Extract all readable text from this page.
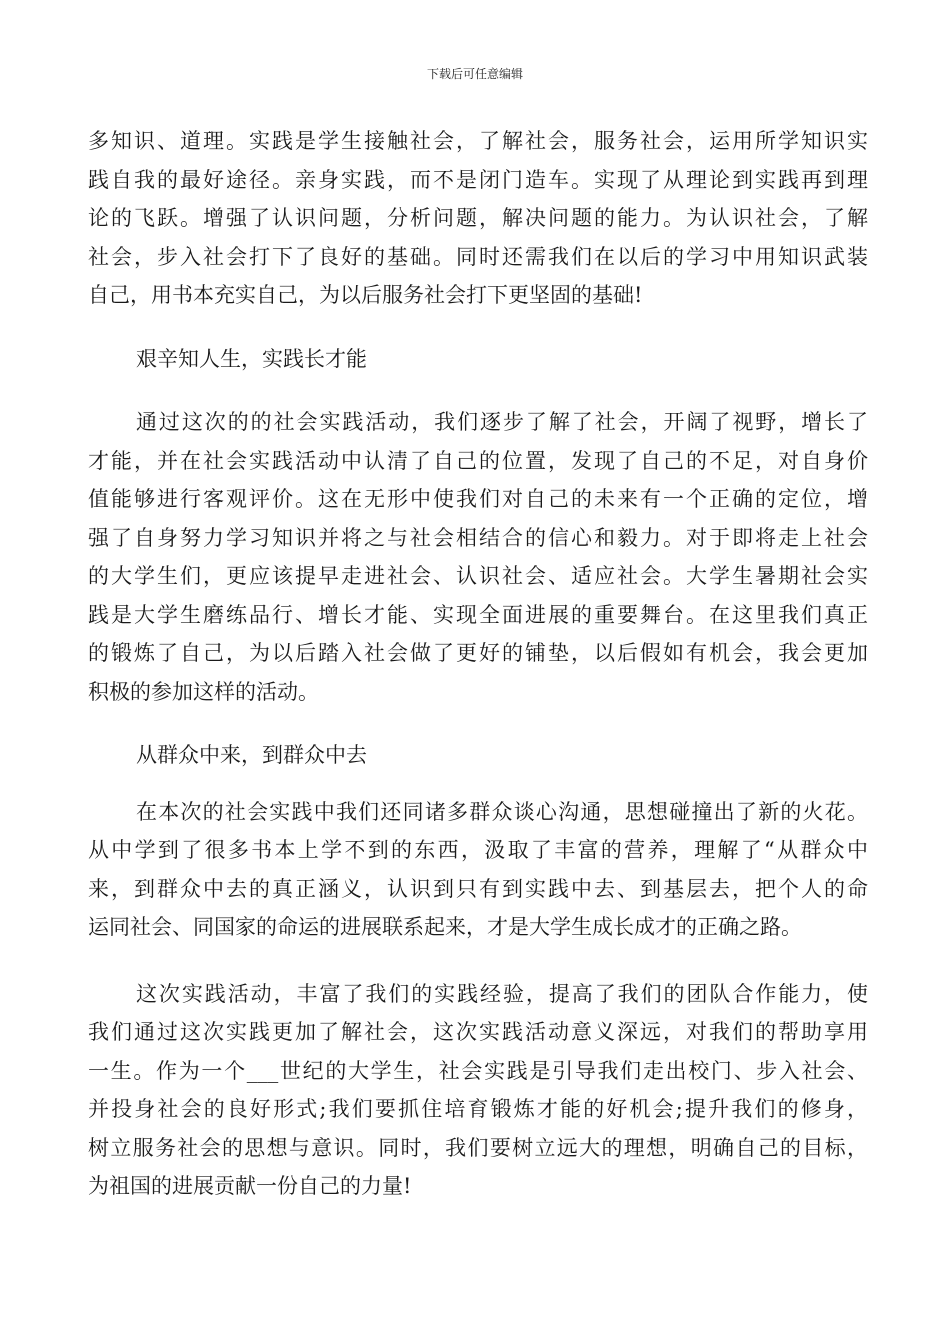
下载后可任意编辑
多知识、道理。实践是学生接触社会，了解社会，服务社会，运用所学知识实
践自我的最好途径。亲身实践，而不是闭门造车。实现了从理论到实践再到理
论的飞跃。增强了认识问题，分析问题，解决问题的能力。为认识社会，了解
社会，步入社会打下了良好的基础。同时还需我们在以后的学习中用知识武装
自己，用书本充实自己，为以后服务社会打下更坚固的基础!
艰辛知人生，实践长才能
通过这次的的社会实践活动，我们逐步了解了社会，开阔了视野，增长了
才能，并在社会实践活动中认清了自己的位置，发现了自己的不足，对自身价
值能够进行客观评价。这在无形中使我们对自己的未来有一个正确的定位，增
强了自身努力学习知识并将之与社会相结合的信心和毅力。对于即将走上社会
的大学生们，更应该提早走进社会、认识社会、适应社会。大学生暑期社会实
践是大学生磨练品行、增长才能、实现全面进展的重要舞台。在这里我们真正
的锻炼了自己，为以后踏入社会做了更好的铺垫，以后假如有机会，我会更加
积极的参加这样的活动。
从群众中来，到群众中去
在本次的社会实践中我们还同诸多群众谈心沟通，思想碰撞出了新的火花。
从中学到了很多书本上学不到的东西，汲取了丰富的营养，理解了“从群众中
来，到群众中去的真正涵义，认识到只有到实践中去、到基层去，把个人的命
运同社会、同国家的命运的进展联系起来，才是大学生成长成才的正确之路。
这次实践活动，丰富了我们的实践经验，提高了我们的团队合作能力，使
我们通过这次实践更加了解社会，这次实践活动意义深远，对我们的帮助享用
一生。作为一个___世纪的大学生，社会实践是引导我们走出校门、步入社会、
并投身社会的良好形式;我们要抓住培育锻炼才能的好机会;提升我们的修身，
树立服务社会的思想与意识。同时，我们要树立远大的理想，明确自己的目标，
为祖国的进展贡献一份自己的力量!
